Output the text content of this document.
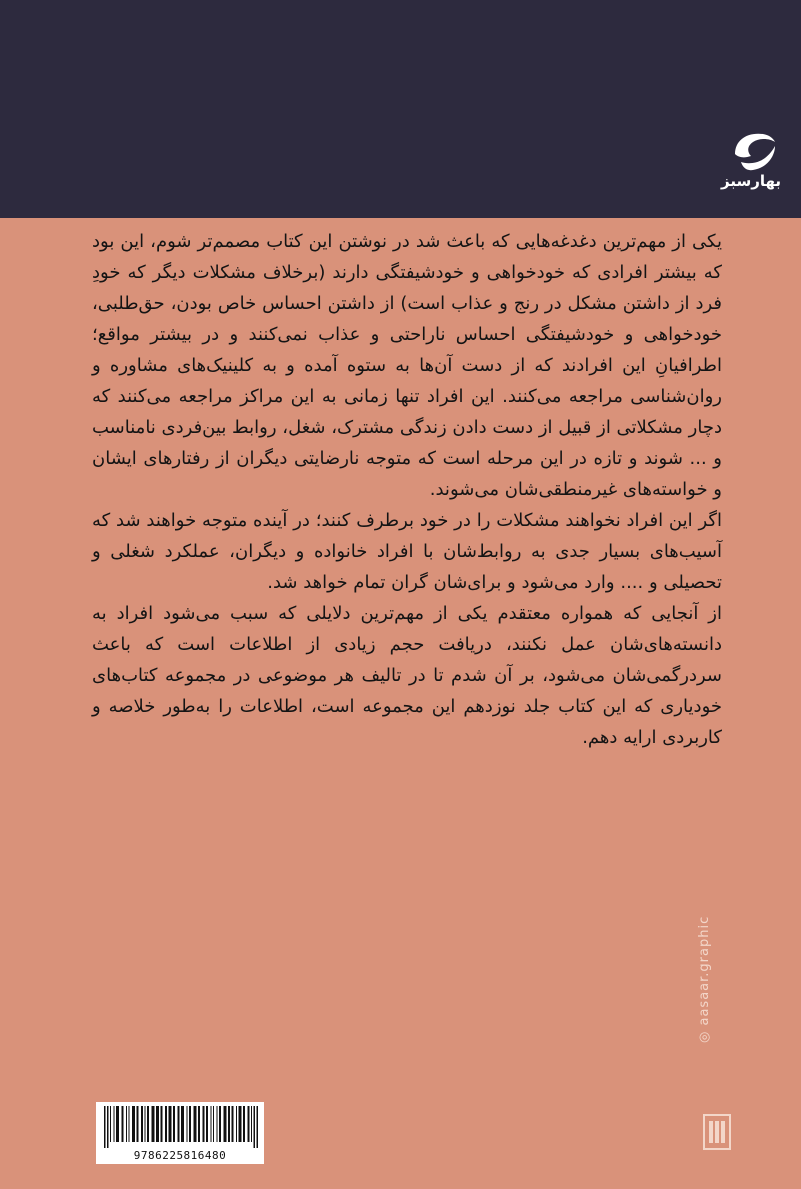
بهارسبز

یکی از مهم‌ترین دغدغه‌هایی که باعث شد در نوشتن این کتاب مصمم‌تر شوم، این بود که بیشتر افرادی که خودخواهی و خودشیفتگی دارند (برخلاف مشکلات دیگر که خودِ فرد از داشتن مشکل در رنج و عذاب است) از داشتن احساس خاص بودن، حق‌طلبی، خودخواهی و خودشیفتگی احساس ناراحتی و عذاب نمی‌کنند و در بیشتر مواقع؛ اطرافیانِ این افرادند که از دست آن‌ها به ستوه آمده و به کلینیک‌های مشاوره و روان‌شناسی مراجعه می‌کنند. این افراد تنها زمانی به این مراکز مراجعه می‌کنند که دچار مشکلاتی از قبیل از دست دادن زندگی مشترک، شغل، روابط بین‌فردی نامناسب و ... شوند و تازه در این مرحله است که متوجه نارضایتی دیگران از رفتارهای ایشان و خواسته‌های غیرمنطقی‌شان می‌شوند.

اگر این افراد نخواهند مشکلات را در خود برطرف کنند؛ در آینده متوجه خواهند شد که آسیب‌های بسیار جدی به روابط‌شان با افراد خانواده و دیگران، عملکرد شغلی و تحصیلی و .... وارد می‌شود و برای‌شان گران تمام خواهد شد.

از آنجایی که همواره معتقدم یکی از مهم‌ترین دلایلی که سبب می‌شود افراد به دانسته‌های‌شان عمل نکنند، دریافت حجم زیادی از اطلاعات است که باعث سردرگمی‌شان می‌شود، بر آن شدم تا در تالیف هر موضوعی در مجموعه کتاب‌های خودیاری که این کتاب جلد نوزدهم این مجموعه است، اطلاعات را به‌طور خلاصه و کاربردی ارایه دهم.

9786225816480
◎ aasaar.graphic
